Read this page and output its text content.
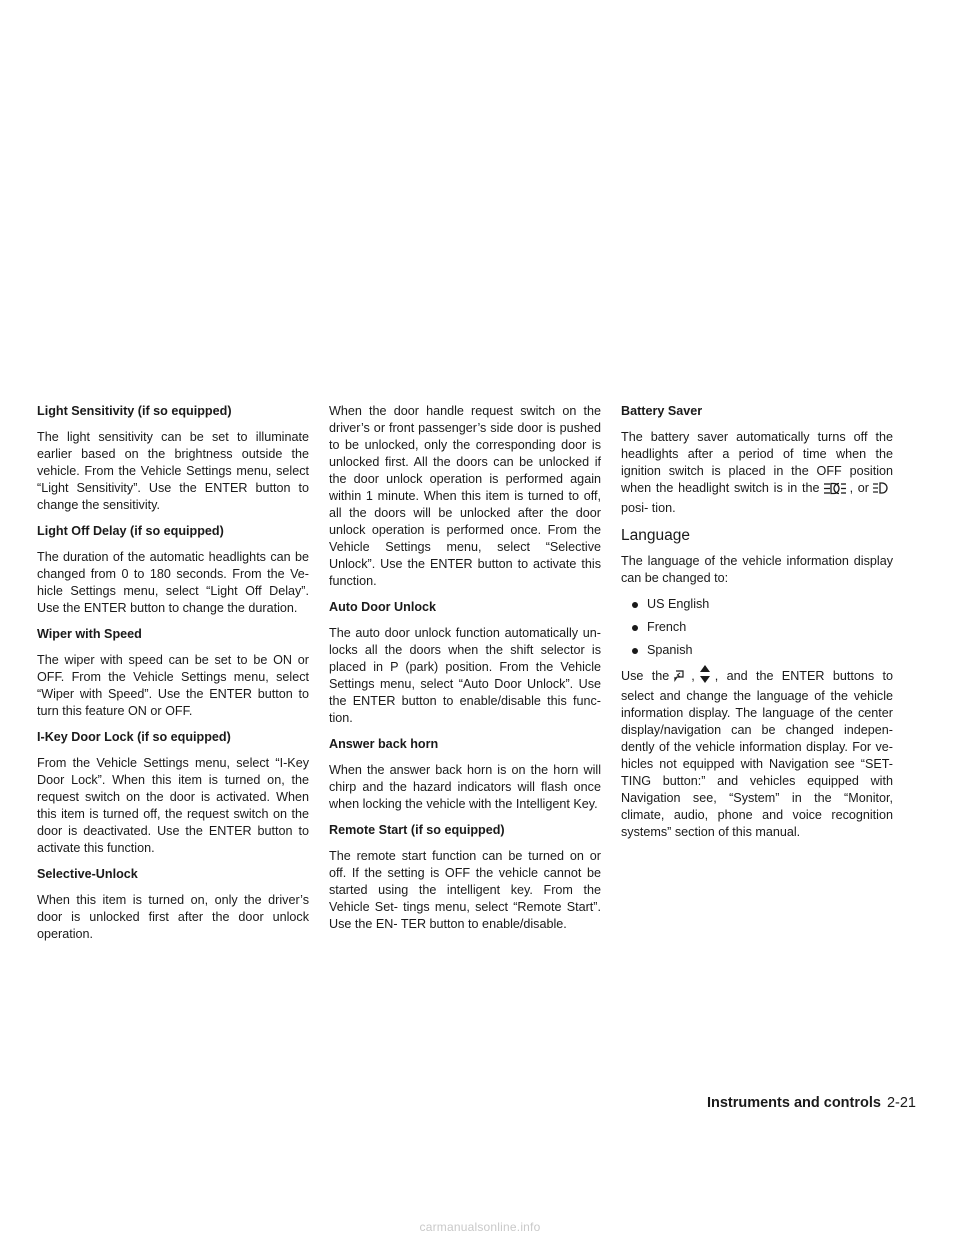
Light Sensitivity (if so equipped)
The light sensitivity can be set to illuminate earlier based on the brightness outside the vehicle. From the Vehicle Settings menu, select “Light Sensitivity”. Use the ENTER button to change the sensitivity.
Light Off Delay (if so equipped)
The duration of the automatic headlights can be changed from 0 to 180 seconds. From the Ve- hicle Settings menu, select “Light Off Delay”. Use the ENTER button to change the duration.
Wiper with Speed
The wiper with speed can be set to be ON or OFF. From the Vehicle Settings menu, select “Wiper with Speed”. Use the ENTER button to turn this feature ON or OFF.
I-Key Door Lock (if so equipped)
From the Vehicle Settings menu, select “I-Key Door Lock”. When this item is turned on, the request switch on the door is activated. When this item is turned off, the request switch on the door is deactivated. Use the ENTER button to activate this function.
Selective-Unlock
When this item is turned on, only the driver’s door is unlocked first after the door unlock operation.
When the door handle request switch on the driver’s or front passenger’s side door is pushed to be unlocked, only the corresponding door is unlocked first. All the doors can be unlocked if the door unlock operation is performed again within 1 minute. When this item is turned to off, all the doors will be unlocked after the door unlock operation is performed once. From the Vehicle Settings menu, select “Selective Unlock”. Use the ENTER button to activate this function.
Auto Door Unlock
The auto door unlock function automatically un- locks all the doors when the shift selector is placed in P (park) position. From the Vehicle Settings menu, select “Auto Door Unlock”. Use the ENTER button to enable/disable this func- tion.
Answer back horn
When the answer back horn is on the horn will chirp and the hazard indicators will flash once when locking the vehicle with the Intelligent Key.
Remote Start (if so equipped)
The remote start function can be turned on or off. If the setting is OFF the vehicle cannot be started using the intelligent key. From the Vehicle Set- tings menu, select “Remote Start”. Use the EN- TER button to enable/disable.
Battery Saver
The battery saver automatically turns off the headlights after a period of time when the ignition switch is placed in the OFF position when the headlight switch is in the , orposi- tion.
Language
The language of the vehicle information display can be changed to:
US English
French
Spanish
Use the , , and the ENTER buttons to select and change the language of the vehicle information display. The language of the center display/navigation can be changed indepen- dently of the vehicle information display. For ve- hicles not equipped with Navigation see “SET- TING button:” and vehicles equipped with Navigation see, “System” in the “Monitor, climate, audio, phone and voice recognition systems” section of this manual.
Instruments and controls 2-21
carmanualsonline.info
